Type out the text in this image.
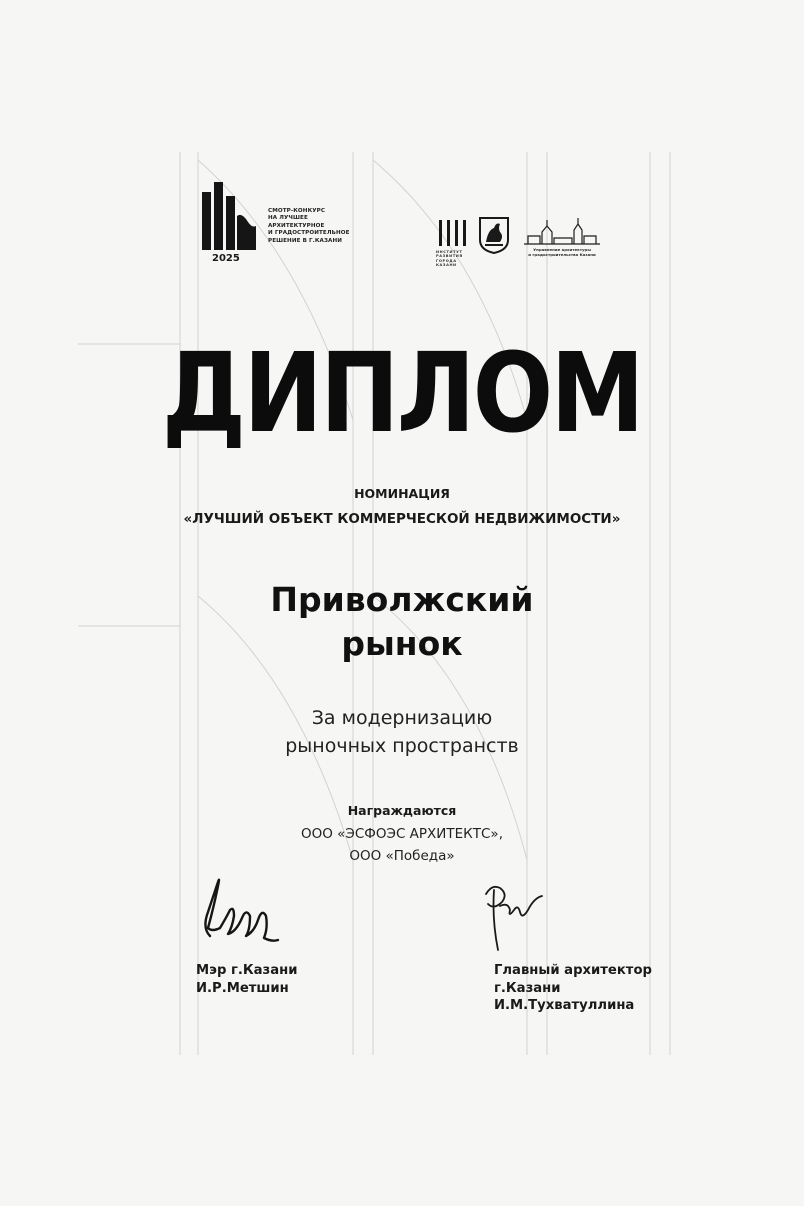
2025
СМОТР-КОНКУРС
НА ЛУЧШЕЕ
АРХИТЕКТУРНОЕ
И ГРАДОСТРОИТЕЛЬНОЕ
РЕШЕНИЕ В Г.КАЗАНИ
ИНСТИТУТ
РАЗВИТИЯ
ГОРОДА
КАЗАНИ
Управление архитектуры
и градостроительства Казани
ДИПЛОМ
НОМИНАЦИЯ
«ЛУЧШИЙ ОБЪЕКТ КОММЕРЧЕСКОЙ НЕДВИЖИМОСТИ»
Приволжский
рынок
За модернизацию
рыночных пространств
Награждаются
ООО «ЭСФОЭС АРХИТЕКТС»,
ООО «Победа»
Мэр г.Казани
И.Р.Метшин
Главный архитектор
г.Казани
И.М.Тухватуллина
